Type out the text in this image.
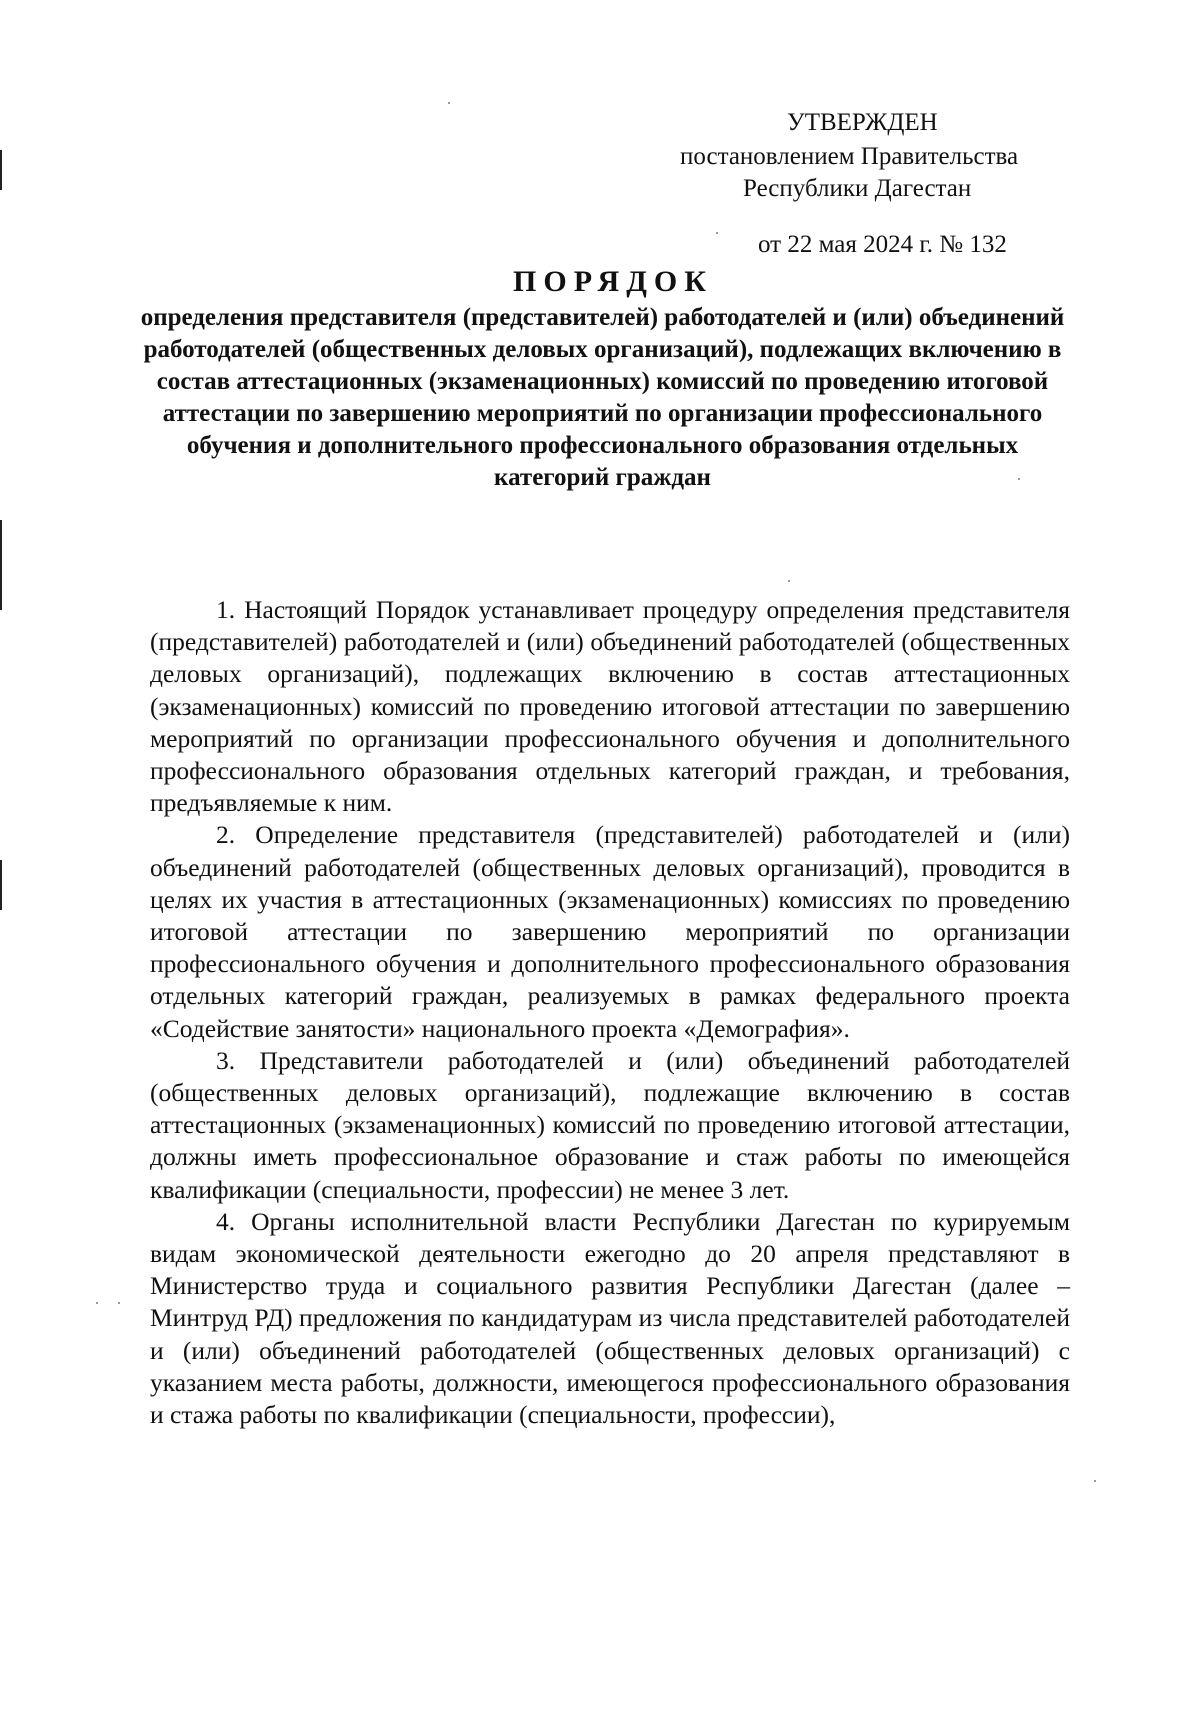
УТВЕРЖДЕН
постановлением Правительства
Республики Дагестан
от 22 мая 2024 г. № 132
ПОРЯДОК

определения представителя (представителей) работодателей и (или) объединений работодателей (общественных деловых организаций), подлежащих включению в состав аттестационных (экзаменационных) комиссий по проведению итоговой аттестации по завершению мероприятий по организации профессионального обучения и дополнительного профессионального образования отдельных категорий граждан

1. Настоящий Порядок устанавливает процедуру определения представителя (представителей) работодателей и (или) объединений работодателей (общественных деловых организаций), подлежащих включению в состав аттестационных (экзаменационных) комиссий по проведению итоговой аттестации по завершению мероприятий по организации профессионального обучения и дополнительного профессионального образования отдельных категорий граждан, и требования, предъявляемые к ним.

2. Определение представителя (представителей) работодателей и (или) объединений работодателей (общественных деловых организаций), проводится в целях их участия в аттестационных (экзаменационных) комиссиях по проведению итоговой аттестации по завершению мероприятий по организации профессионального обучения и дополнительного профессионального образования отдельных категорий граждан, реализуемых в рамках федерального проекта «Содействие занятости» национального проекта «Демография».

3. Представители работодателей и (или) объединений работодателей (общественных деловых организаций), подлежащие включению в состав аттестационных (экзаменационных) комиссий по проведению итоговой аттестации, должны иметь профессиональное образование и стаж работы по имеющейся квалификации (специальности, профессии) не менее 3 лет.

4. Органы исполнительной власти Республики Дагестан по курируемым видам экономической деятельности ежегодно до 20 апреля представляют в Министерство труда и социального развития Республики Дагестан (далее – Минтруд РД) предложения по кандидатурам из числа представителей работодателей и (или) объединений работодателей (общественных деловых организаций) с указанием места работы, должности, имеющегося профессионального образования и стажа работы по квалификации (специальности, профессии),
